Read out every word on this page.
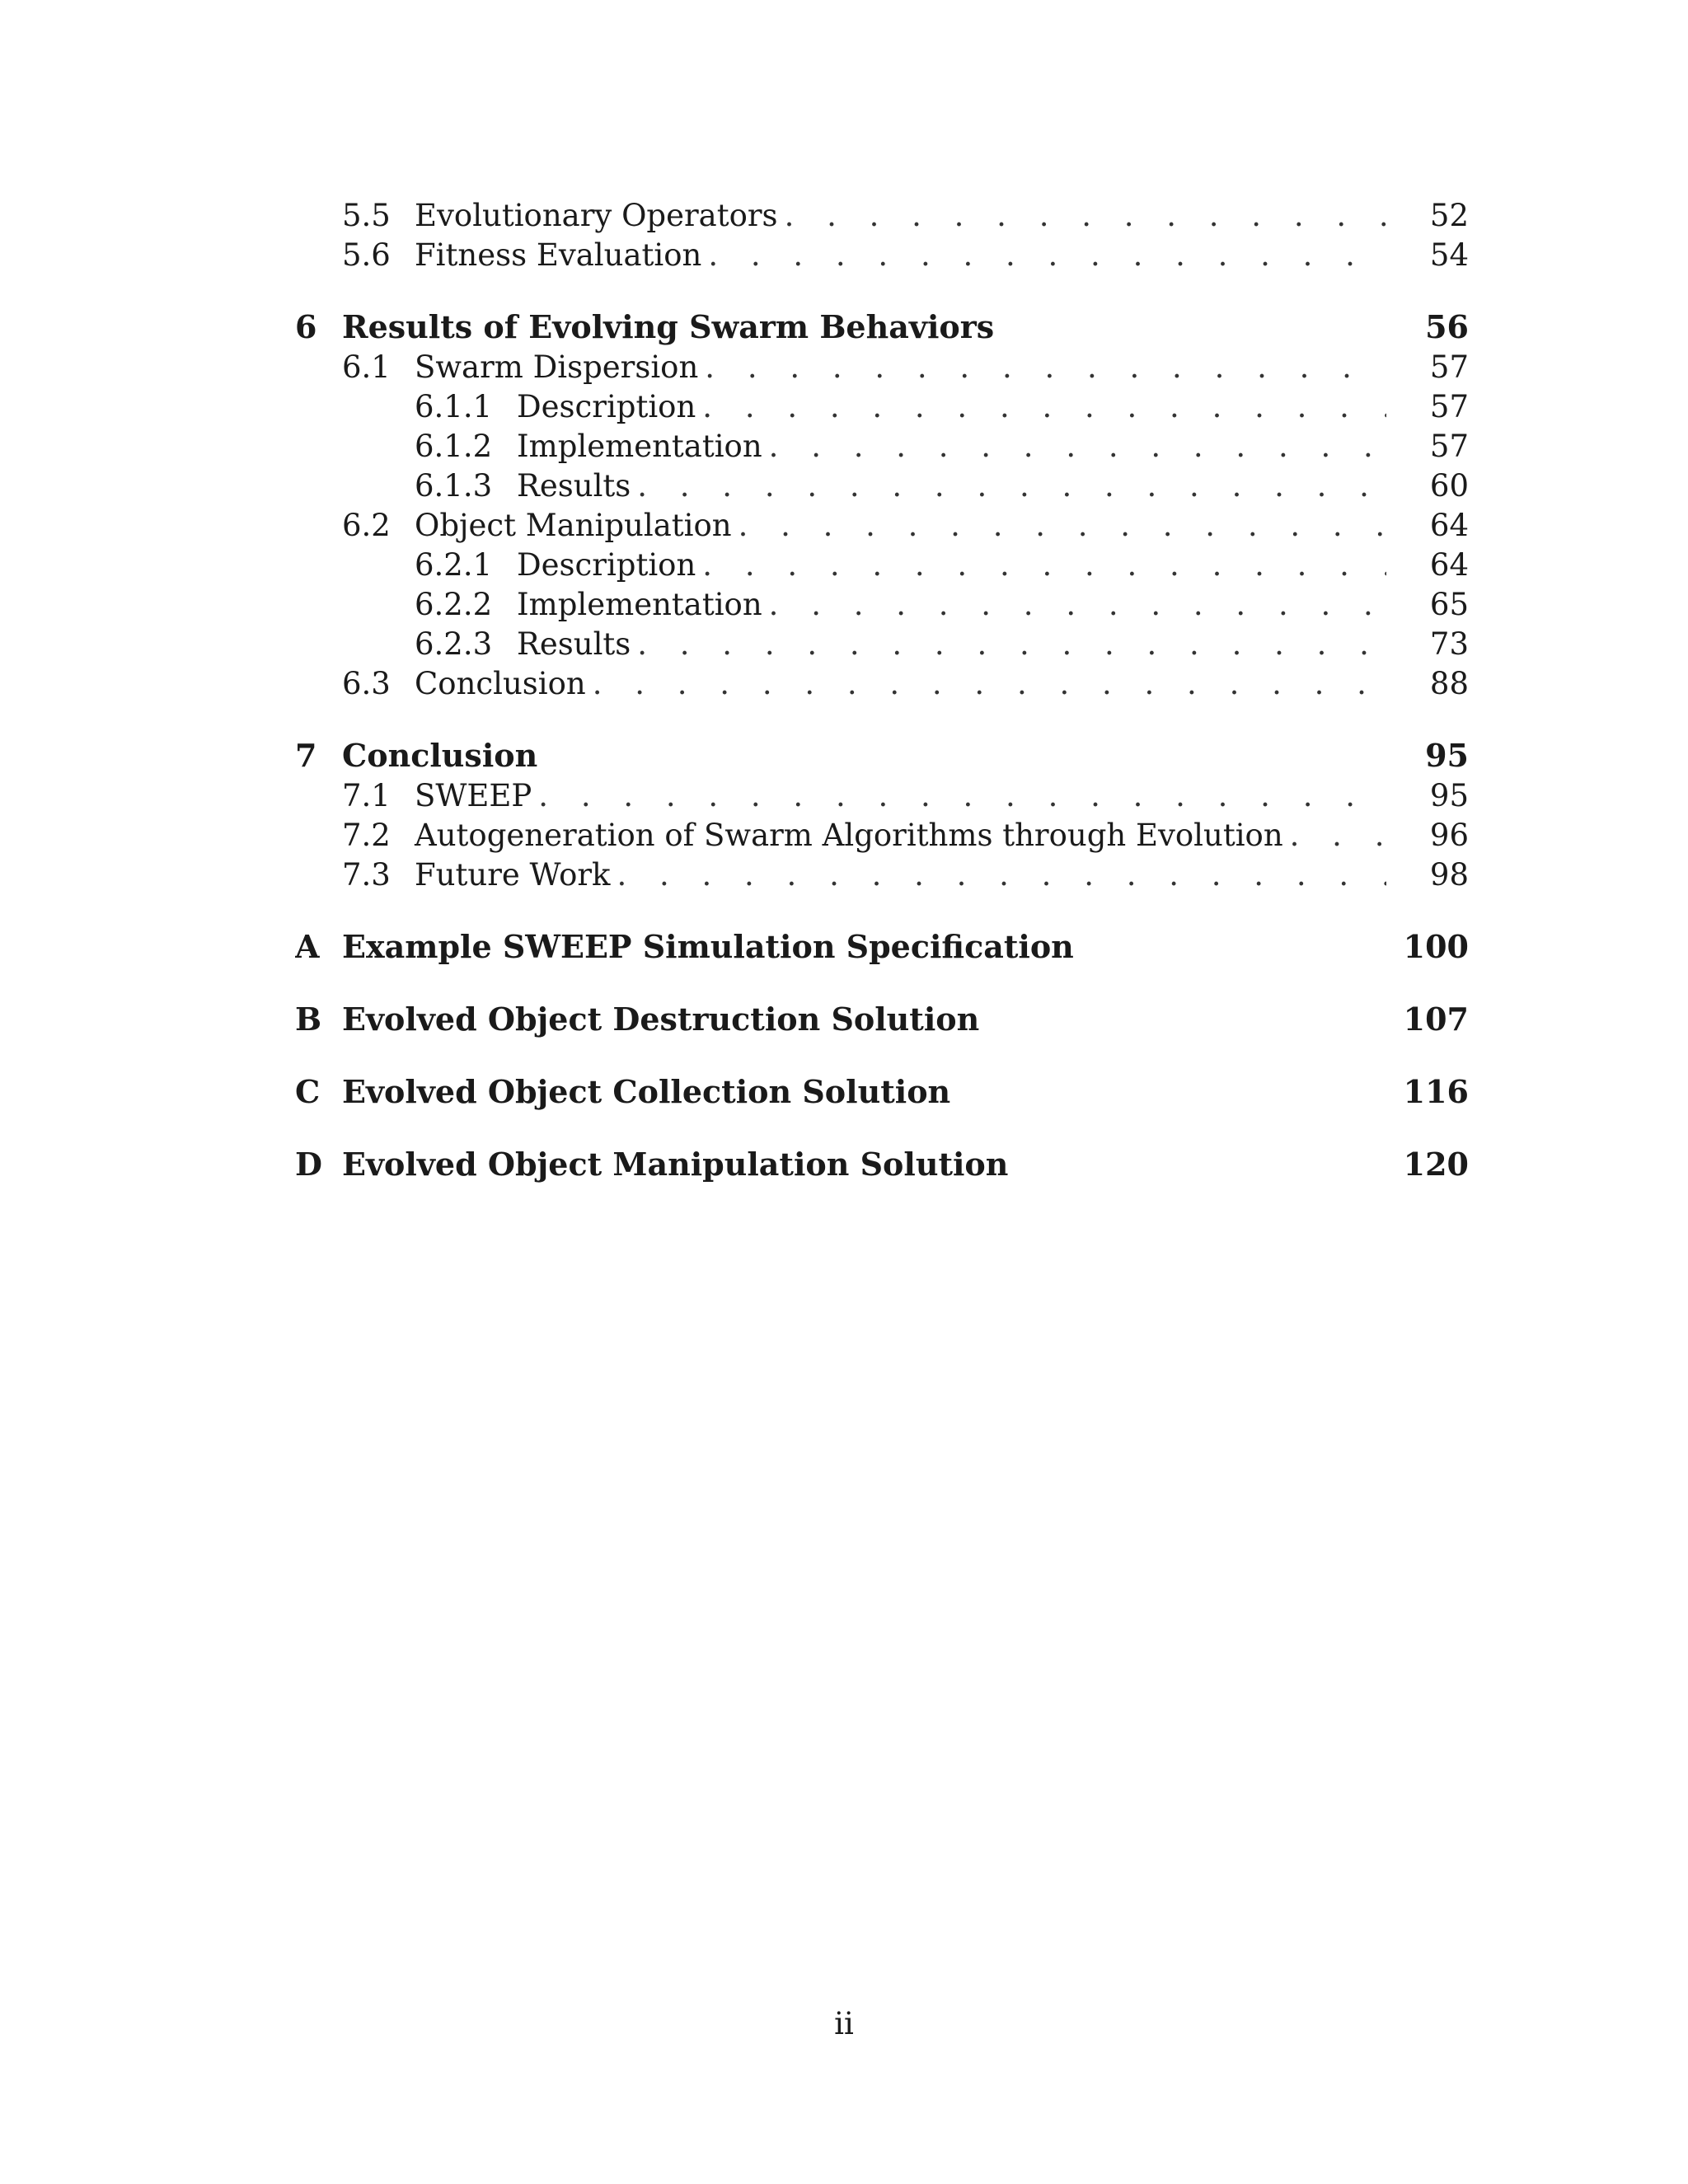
5.5 Evolutionary Operators . . .	52
5.6 Fitness Evaluation . . .	54
6 Results of Evolving Swarm Behaviors	56
6.1 Swarm Dispersion . . .	57
6.1.1 Description . . .	57
6.1.2 Implementation . . .	57
6.1.3 Results . . .	60
6.2 Object Manipulation . . .	64
6.2.1 Description . . .	64
6.2.2 Implementation . . .	65
6.2.3 Results . . .	73
6.3 Conclusion . . .	88
7 Conclusion	95
7.1 SWEEP . . .	95
7.2 Autogeneration of Swarm Algorithms through Evolution . . .	96
7.3 Future Work . . .	98
A Example SWEEP Simulation Specification	100
B Evolved Object Destruction Solution	107
C Evolved Object Collection Solution	116
D Evolved Object Manipulation Solution	120
ii
